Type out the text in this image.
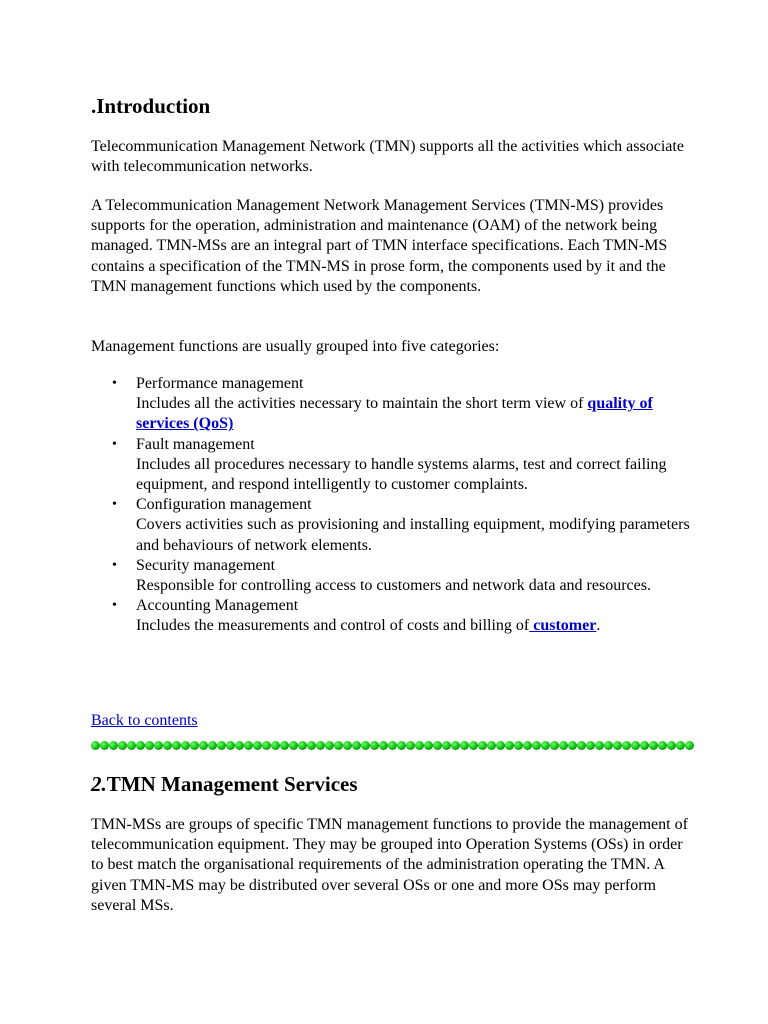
.Introduction

Telecommunication Management Network (TMN) supports all the activities which associate with telecommunication networks.

A Telecommunication Management Network Management Services (TMN-MS) provides supports for the operation, administration and maintenance (OAM) of the network being managed. TMN-MSs are an integral part of TMN interface specifications. Each TMN-MS contains a specification of the TMN-MS in prose form, the components used by it and the TMN management functions which used by the components.

Management functions are usually grouped into five categories:

• Performance management
Includes all the activities necessary to maintain the short term view of quality of services (QoS)
• Fault management
Includes all procedures necessary to handle systems alarms, test and correct failing equipment, and respond intelligently to customer complaints.
• Configuration management
Covers activities such as provisioning and installing equipment, modifying parameters and behaviours of network elements.
• Security management
Responsible for controlling access to customers and network data and resources.
• Accounting Management
Includes the measurements and control of costs and billing of customer.
Back to contents
2.TMN Management Services

TMN-MSs are groups of specific TMN management functions to provide the management of telecommunication equipment. They may be grouped into Operation Systems (OSs) in order to best match the organisational requirements of the administration operating the TMN. A given TMN-MS may be distributed over several OSs or one and more OSs may perform several MSs.
